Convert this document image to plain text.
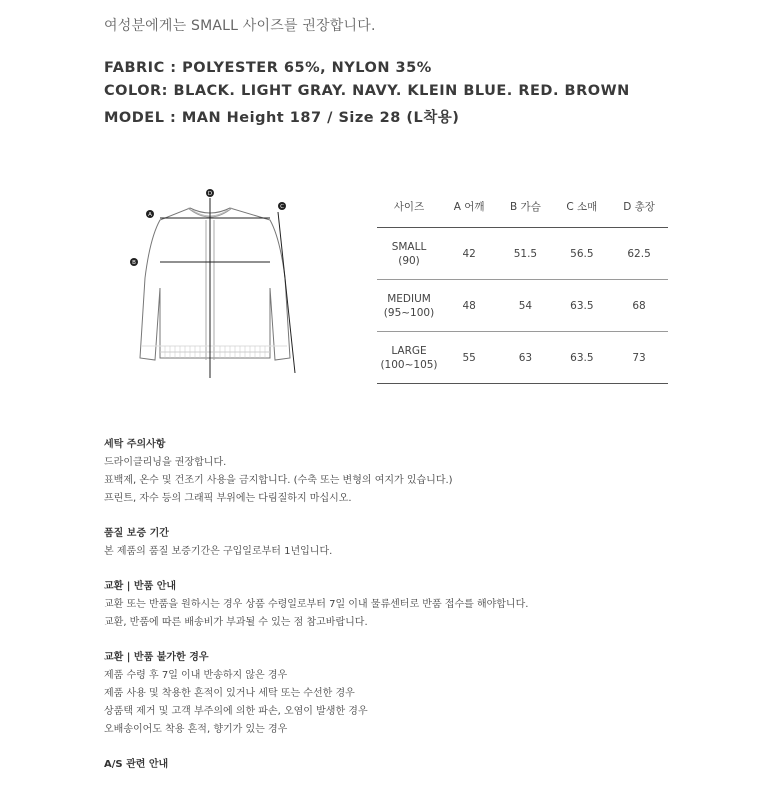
여성분에게는 SMALL 사이즈를 권장합니다.
FABRIC : POLYESTER 65%, NYLON 35%
COLOR: BLACK. LIGHT GRAY. NAVY. KLEIN BLUE. RED. BROWN
MODEL : MAN Height 187 / Size 28 (L착용)
A
B
C
D
사이즈	A 어깨	B 가슴	C 소매	D 총장
SMALL
(90)	42	51.5	56.5	62.5
MEDIUM
(95~100)	48	54	63.5	68
LARGE
(100~105)	55	63	63.5	73
세탁 주의사항
드라이클리닝을 권장합니다.
표백제, 온수 및 건조기 사용을 금지합니다. (수축 또는 변형의 여지가 있습니다.)
프린트, 자수 등의 그래픽 부위에는 다림질하지 마십시오.
품질 보증 기간
본 제품의 품질 보증기간은 구입일로부터 1년입니다.
교환 | 반품 안내
교환 또는 반품을 원하시는 경우 상품 수령일로부터 7일 이내 물류센터로 반품 접수를 해야합니다.
교환, 반품에 따른 배송비가 부과될 수 있는 점 참고바랍니다.
교환 | 반품 불가한 경우
제품 수령 후 7일 이내 반송하지 않은 경우
제품 사용 및 착용한 흔적이 있거나 세탁 또는 수선한 경우
상품택 제거 및 고객 부주의에 의한 파손, 오염이 발생한 경우
오배송이어도 착용 흔적, 향기가 있는 경우
A/S 관련 안내
